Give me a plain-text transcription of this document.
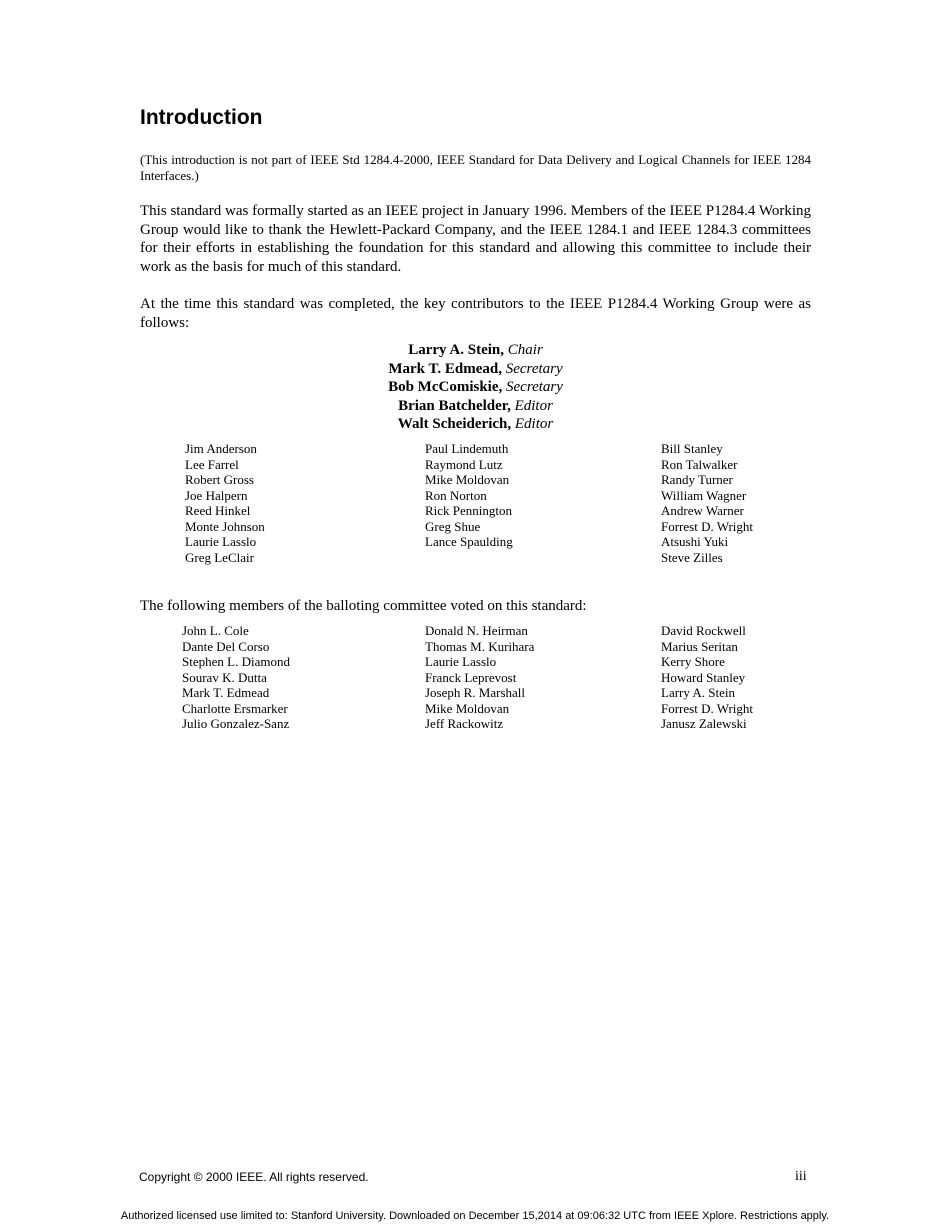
Introduction
(This introduction is not part of IEEE Std 1284.4-2000, IEEE Standard for Data Delivery and Logical Channels for IEEE 1284 Interfaces.)
This standard was formally started as an IEEE project in January 1996. Members of the IEEE P1284.4 Working Group would like to thank the Hewlett-Packard Company, and the IEEE 1284.1 and IEEE 1284.3 committees for their efforts in establishing the foundation for this standard and allowing this committee to include their work as the basis for much of this standard.
At the time this standard was completed, the key contributors to the IEEE P1284.4 Working Group were as follows:
Larry A. Stein, Chair
Mark T. Edmead, Secretary
Bob McComiskie, Secretary
Brian Batchelder, Editor
Walt Scheiderich, Editor
Jim Anderson
Lee Farrel
Robert Gross
Joe Halpern
Reed Hinkel
Monte Johnson
Laurie Lasslo
Greg LeClair
Paul Lindemuth
Raymond Lutz
Mike Moldovan
Ron Norton
Rick Pennington
Greg Shue
Lance Spaulding
Bill Stanley
Ron Talwalker
Randy Turner
William Wagner
Andrew Warner
Forrest D. Wright
Atsushi Yuki
Steve Zilles
The following members of the balloting committee voted on this standard:
John L. Cole
Dante Del Corso
Stephen L. Diamond
Sourav K. Dutta
Mark T. Edmead
Charlotte Ersmarker
Julio Gonzalez-Sanz
Donald N. Heirman
Thomas M. Kurihara
Laurie Lasslo
Franck Leprevost
Joseph R. Marshall
Mike Moldovan
Jeff Rackowitz
David Rockwell
Marius Seritan
Kerry Shore
Howard Stanley
Larry A. Stein
Forrest D. Wright
Janusz Zalewski
Copyright © 2000 IEEE. All rights reserved.	iii
Authorized licensed use limited to: Stanford University. Downloaded on December 15,2014 at 09:06:32 UTC from IEEE Xplore. Restrictions apply.
